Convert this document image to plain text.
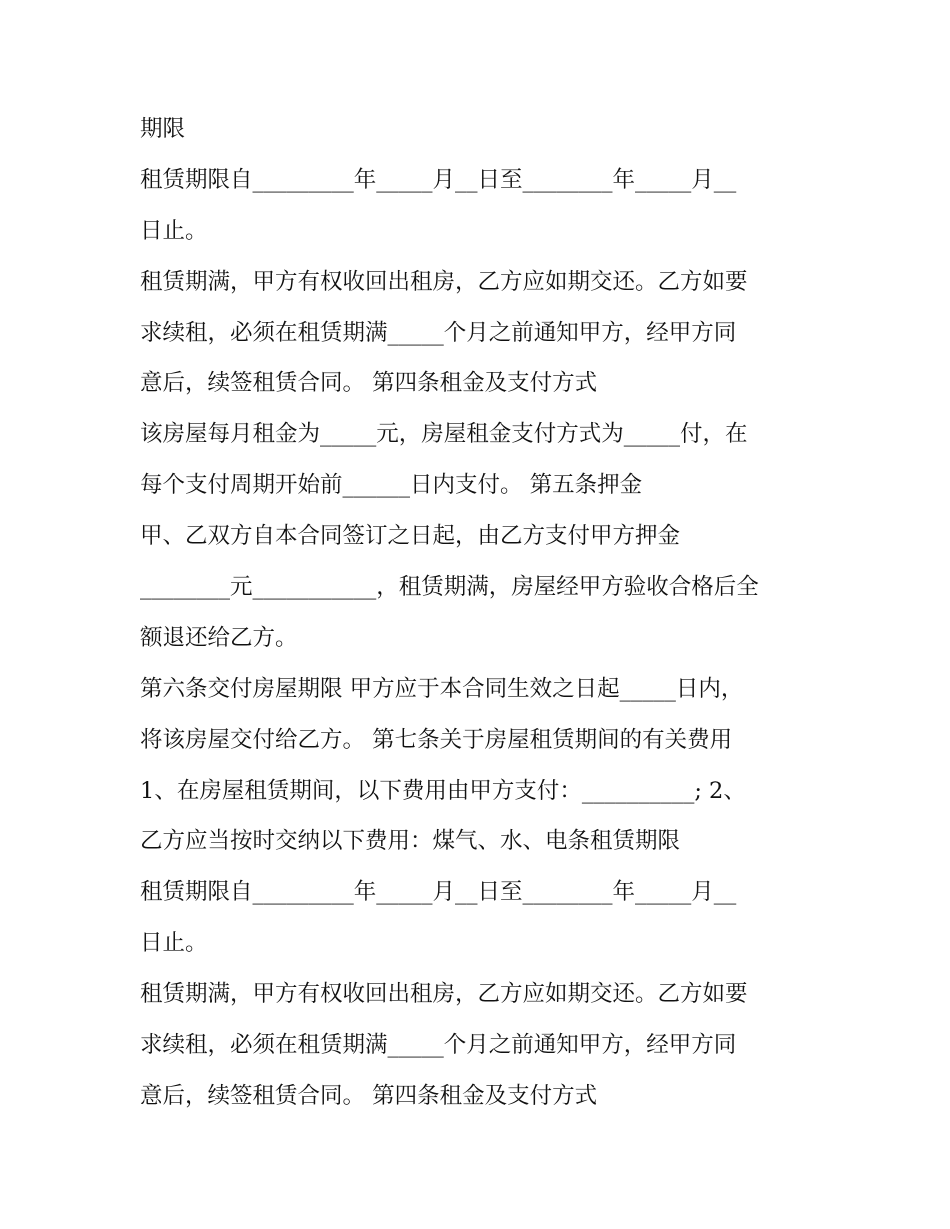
期限
租赁期限自_________年_____月__日至________年_____月__
日止。
租赁期满，甲方有权收回出租房，乙方应如期交还。乙方如要
求续租，必须在租赁期满_____个月之前通知甲方，经甲方同
意后，续签租赁合同。 第四条租金及支付方式
该房屋每月租金为_____元，房屋租金支付方式为_____付，在
每个支付周期开始前______日内支付。 第五条押金
甲、乙双方自本合同签订之日起，由乙方支付甲方押金
________元___________，租赁期满，房屋经甲方验收合格后全
额退还给乙方。
第六条交付房屋期限 甲方应于本合同生效之日起_____日内，
将该房屋交付给乙方。 第七条关于房屋租赁期间的有关费用
1、在房屋租赁期间，以下费用由甲方支付：__________; 2、
乙方应当按时交纳以下费用：煤气、水、电条租赁期限
租赁期限自_________年_____月__日至________年_____月__
日止。
租赁期满，甲方有权收回出租房，乙方应如期交还。乙方如要
求续租，必须在租赁期满_____个月之前通知甲方，经甲方同
意后，续签租赁合同。 第四条租金及支付方式
